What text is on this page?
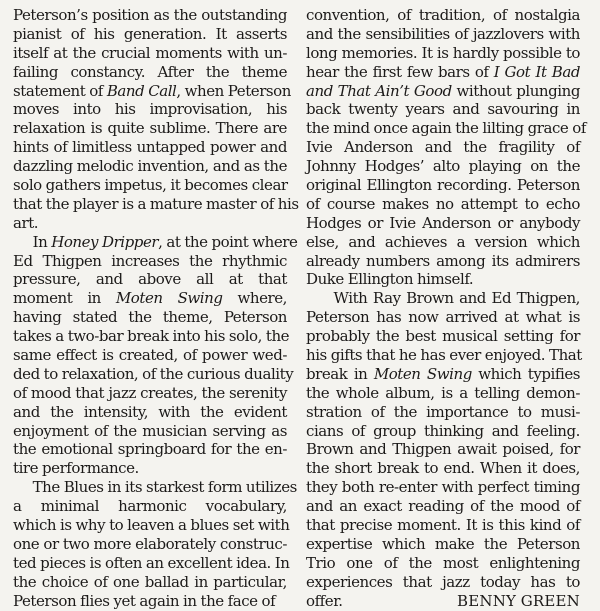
Peterson’s position as the outstanding
pianist of his generation. It asserts
itself at the crucial moments with un-
failing constancy. After the theme
statement of Band Call, when Peterson
moves into his improvisation, his
relaxation is quite sublime. There are
hints of limitless untapped power and
dazzling melodic invention, and as the
solo gathers impetus, it becomes clear
that the player is a mature master of his
art.
In Honey Dripper, at the point where
Ed Thigpen increases the rhythmic
pressure, and above all at that
moment in Moten Swing where,
having stated the theme, Peterson
takes a two-bar break into his solo, the
same effect is created, of power wed-
ded to relaxation, of the curious duality
of mood that jazz creates, the serenity
and the intensity, with the evident
enjoyment of the musician serving as
the emotional springboard for the en-
tire performance.
The Blues in its starkest form utilizes
a minimal harmonic vocabulary,
which is why to leaven a blues set with
one or two more elaborately construc-
ted pieces is often an excellent idea. In
the choice of one ballad in particular,
Peterson flies yet again in the face of
convention, of tradition, of nostalgia
and the sensibilities of jazzlovers with
long memories. It is hardly possible to
hear the first few bars of I Got It Bad
and That Ain’t Good without plunging
back twenty years and savouring in
the mind once again the lilting grace of
Ivie Anderson and the fragility of
Johnny Hodges’ alto playing on the
original Ellington recording. Peterson
of course makes no attempt to echo
Hodges or Ivie Anderson or anybody
else, and achieves a version which
already numbers among its admirers
Duke Ellington himself.
With Ray Brown and Ed Thigpen,
Peterson has now arrived at what is
probably the best musical setting for
his gifts that he has ever enjoyed. That
break in Moten Swing which typifies
the whole album, is a telling demon-
stration of the importance to musi-
cians of group thinking and feeling.
Brown and Thigpen await poised, for
the short break to end. When it does,
they both re-enter with perfect timing
and an exact reading of the mood of
that precise moment. It is this kind of
expertise which make the Peterson
Trio one of the most enlightening
experiences that jazz today has to
offer.	BENNY GREEN
